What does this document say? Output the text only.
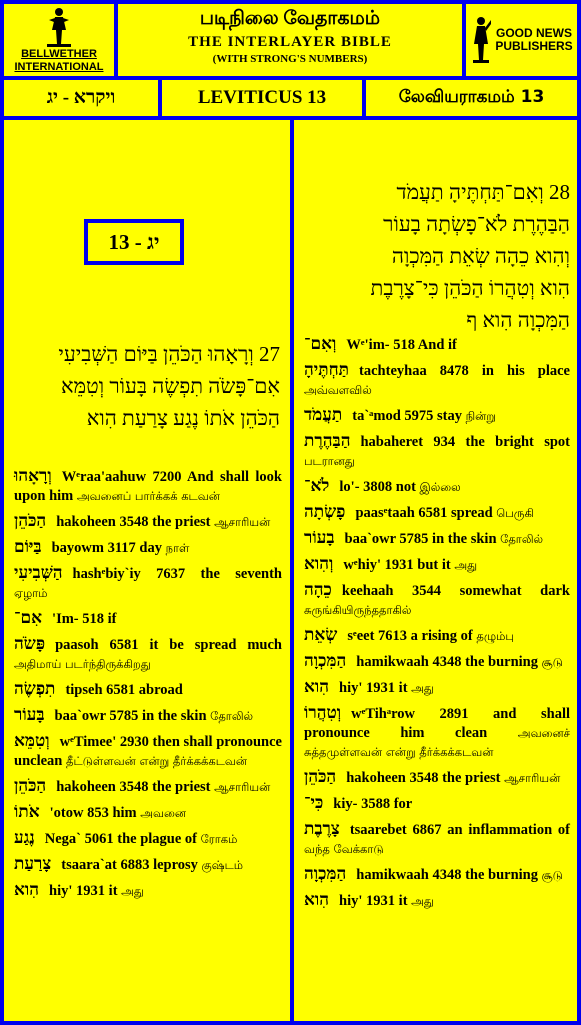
BELLWETHER
INTERNATIONAL
படிநிலை வேதாகமம்
THE INTERLAYER BIBLE
(WITH STRONG'S NUMBERS)
GOOD NEWS
PUBLISHERS
ויקרא - יג	LEVITICUS 13	லேவியராகமம் 13
יג - 13
27 וְרָאָהוּ הַכֹּהֵן בַּיּוֹם הַשְּׁבִיעִי
אִם־פָּשֹׂה תִפְשֶׂה בָּעוֹר וְטִמֵּא
הַכֹּהֵן אֹתוֹ נֶגַע צָרַעַת הִוא
וְרָאָהוּ Wᵉraa'aahuw 7200 And shall look upon him அவனைப் பார்க்கக் கடவன்
הַכֹּהֵן hakoheen 3548 the priest ஆசாரியன்
בַּיּוֹם bayowm 3117 day நாள்
הַשְּׁבִיעִי hashᵉbiy`iy 7637 the seventh ஏழாம்
אִם־ 'Im- 518 if
פָּשֹׂה paasoh 6581 it be spread much அதிமாய் படர்ந்திருக்கிறது
תִפְשֶׂה tipseh 6581 abroad
בָּעוֹר baa`owr 5785 in the skin தோலில்
וְטִמֵּא wᵉTimee' 2930 then shall pronounce unclean தீட்டுள்ளவன் என்று தீர்க்கக்கடவன்
הַכֹּהֵן hakoheen 3548 the priest ஆசாரியன்
אֹתוֹ 'otow 853 him அவனை
נֶגַע Nega` 5061 the plague of ரோகம்
צָרַעַת tsaara`at 6883 leprosy குஷ்டம்
הִוא hiy' 1931 it அது
28 וְאִם־תַּחְתֶּיהָ תַעֲמֹד
הַבַּהֶרֶת לֹא־פָשְׂתָה בָעוֹר
וְהִוא כֵהָה שְׂאֵת הַמִּכְוָה
הִוא וְטִהֲרוֹ הַכֹּהֵן כִּי־צָרֶבֶת
הַמִּכְוָה הִוא ף
וְאִם־ Wᵉ'im- 518 And if
תַּחְתֶּיהָ tachteyhaa 8478 in his place அவ்வளவில்
תַעֲמֹד ta`ᵃmod 5975 stay நின்று
הַבַּהֶרֶת habaheret 934 the bright spot படரானது
לֹא־ lo'- 3808 not இல்லை
פָשְׂתָה paasᵉtaah 6581 spread பெருகி
בָעוֹר baa`owr 5785 in the skin தோலில்
וְהִוא wᵉhiy' 1931 but it அது
כֵהָה keehaah 3544 somewhat dark சுருங்கியிருந்ததாகில்
שְׂאֵת sᵉeet 7613 a rising of தழும்பு
הַמִּכְוָה hamikwaah 4348 the burning சூடு
הִוא hiy' 1931 it அது
וְטִהֲרוֹ wᵉTihᵃrow 2891 and shall pronounce him clean	அவனைச் சுத்தமுள்ளவன் என்று தீர்க்கக்கடவன்
הַכֹּהֵן hakoheen 3548 the priest ஆசாரியன்
כִּי־ kiy- 3588 for
צָרֶבֶת tsaarebet 6867 an inflammation of வந்த வேக்காடு
הַמִּכְוָה hamikwaah 4348 the burning சூடு
הִוא hiy' 1931 it அது
